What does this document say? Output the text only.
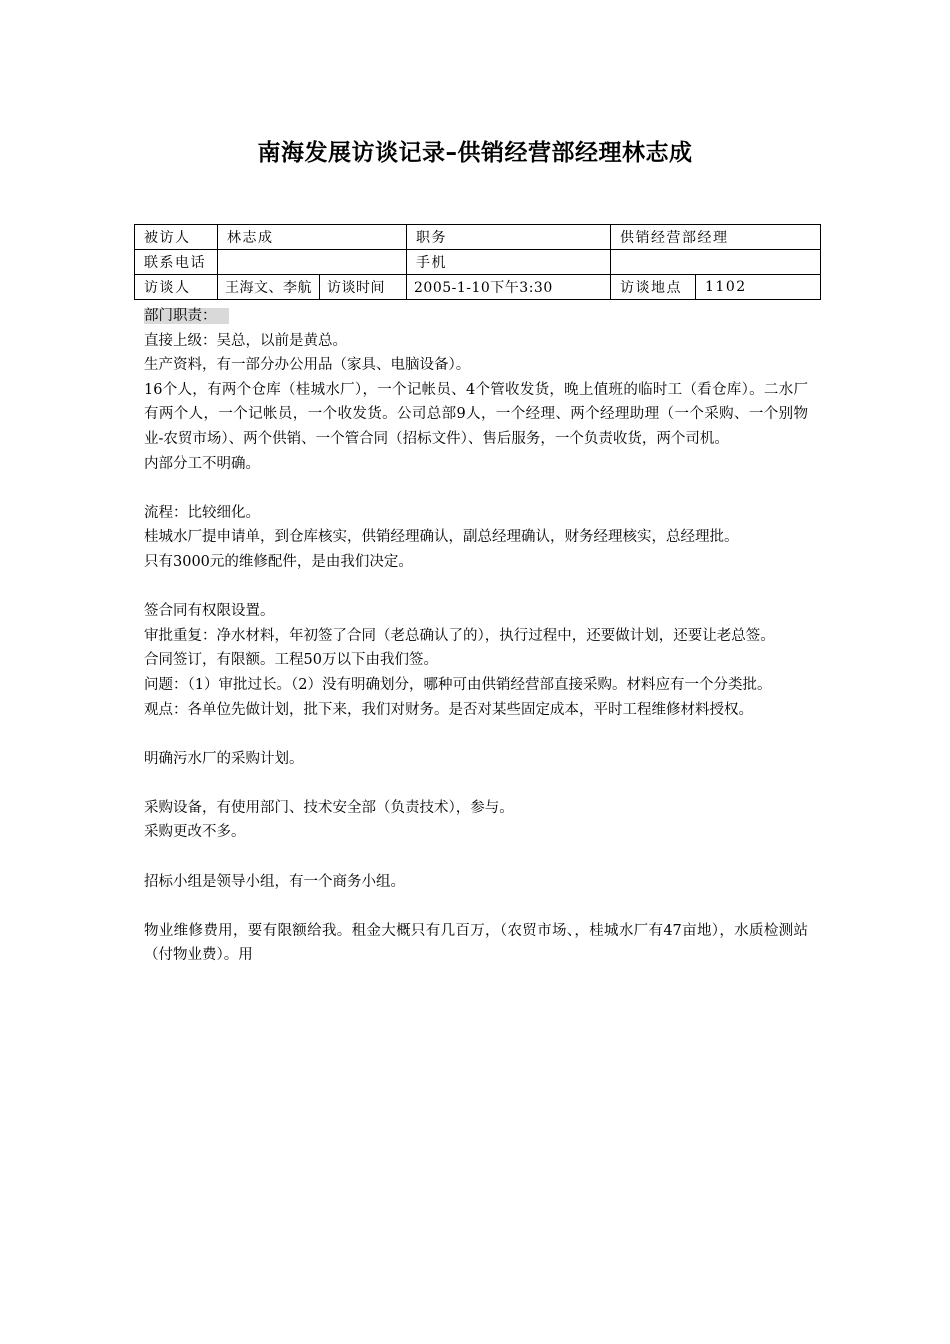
南海发展访谈记录–供销经营部经理林志成
被访人	林志成		职务	供销经营部经理	
联系电话			手机		
访谈人	王海文、李航	访谈时间	2005-1-10下午3:30	访谈地点	1102

部门职责：

直接上级：吴总，以前是黄总。

生产资料，有一部分办公用品（家具、电脑设备）。

16个人，有两个仓库（桂城水厂），一个记帐员、4个管收发货，晚上值班的临时工（看仓库）。二水厂有两个人，一个记帐员，一个收发货。公司总部9人，一个经理、两个经理助理（一个采购、一个别物业-农贸市场）、两个供销、一个管合同（招标文件）、售后服务，一个负责收货，两个司机。

内部分工不明确。

流程：比较细化。

桂城水厂提申请单，到仓库核实，供销经理确认，副总经理确认，财务经理核实，总经理批。

只有3000元的维修配件，是由我们决定。

签合同有权限设置。

审批重复：净水材料，年初签了合同（老总确认了的），执行过程中，还要做计划，还要让老总签。

合同签订，有限额。工程50万以下由我们签。

问题：（1）审批过长。（2）没有明确划分，哪种可由供销经营部直接采购。材料应有一个分类批。

观点：各单位先做计划，批下来，我们对财务。是否对某些固定成本，平时工程维修材料授权。

明确污水厂的采购计划。

采购设备，有使用部门、技术安全部（负责技术），参与。

采购更改不多。

招标小组是领导小组，有一个商务小组。

物业维修费用，要有限额给我。租金大概只有几百万，（农贸市场、，桂城水厂有47亩地），水质检测站（付物业费）。用
